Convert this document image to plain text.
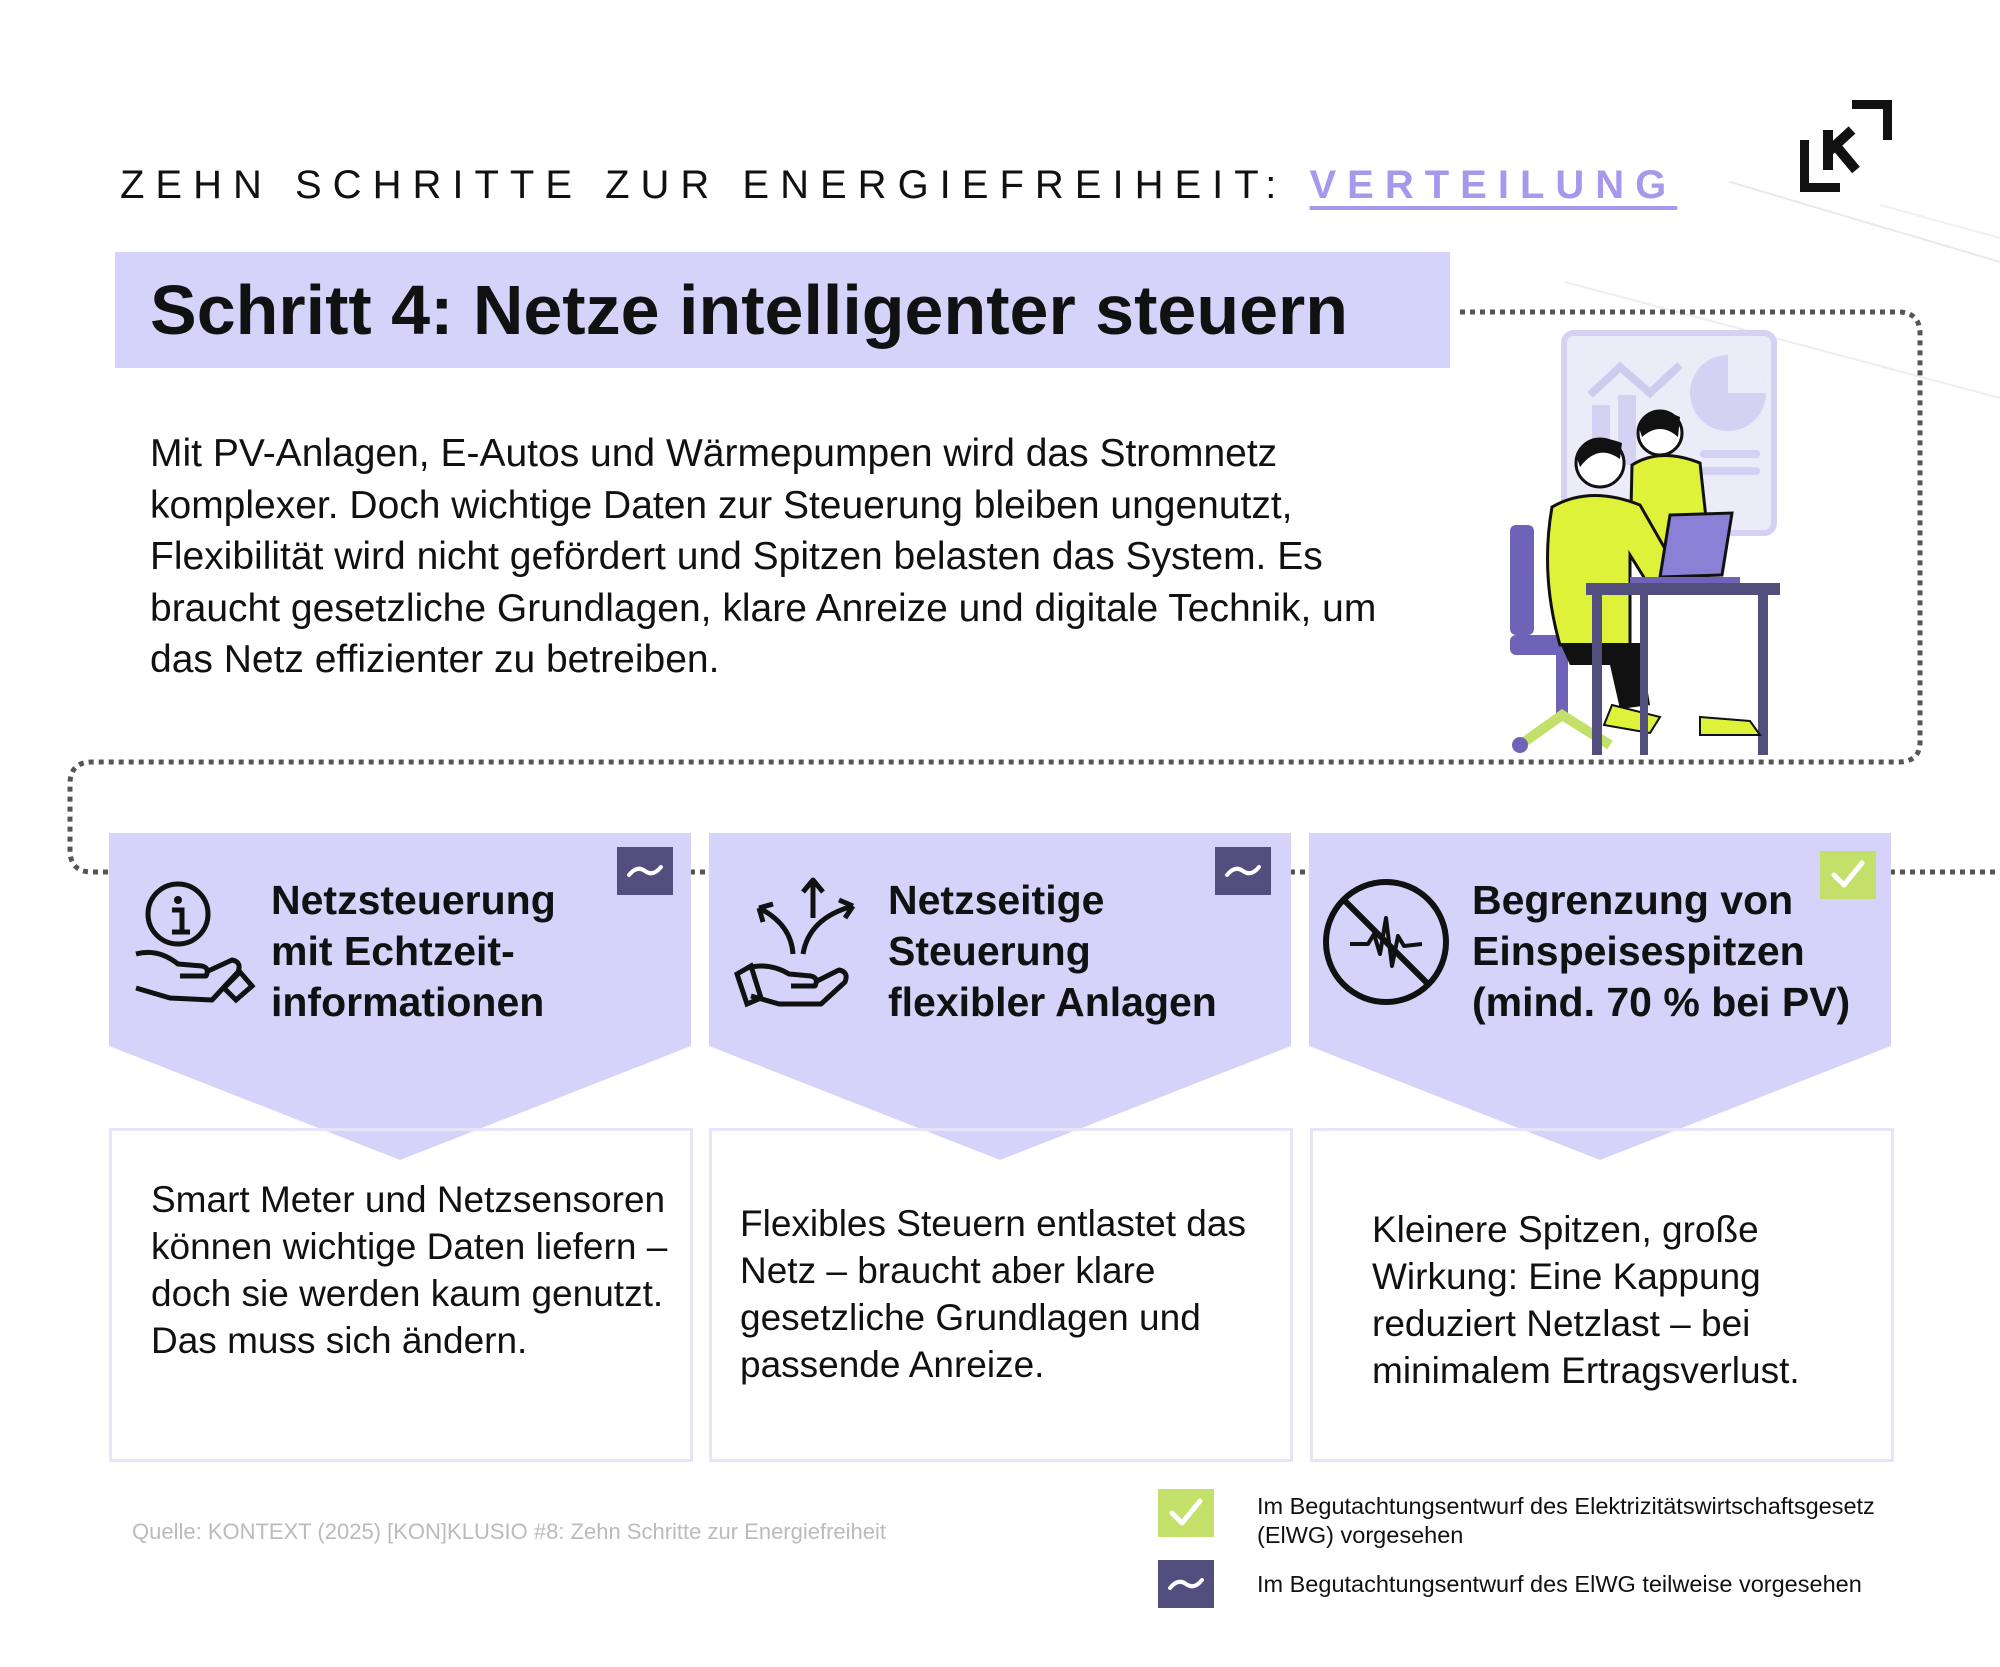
ZEHN SCHRITTE ZUR ENERGIEFREIHEIT: VERTEILUNG
Schritt 4: Netze intelligenter steuern
Mit PV-Anlagen, E-Autos und Wärmepumpen wird das Stromnetz komplexer. Doch wichtige Daten zur Steuerung bleiben ungenutzt, Flexibilität wird nicht gefördert und Spitzen belasten das System. Es braucht gesetzliche Grundlagen, klare Anreize und digitale Technik, um das Netz effizienter zu betreiben.
Netzsteuerung
mit Echtzeit-
informationen
Smart Meter und Netzsensoren können wichtige Daten liefern – doch sie werden kaum genutzt. Das muss sich ändern.
Netzseitige
Steuerung
flexibler Anlagen
Flexibles Steuern entlastet das Netz – braucht aber klare gesetzliche Grundlagen und passende Anreize.
Begrenzung von
Einspeisespitzen
(mind. 70 % bei PV)
Kleinere Spitzen, große Wirkung: Eine Kappung reduziert Netzlast – bei minimalem Ertragsverlust.
Quelle: KONTEXT (2025) [KON]KLUSIO #8: Zehn Schritte zur Energiefreiheit
Im Begutachtungsentwurf des Elektrizitätswirtschaftsgesetz (ElWG) vorgesehen
Im Begutachtungsentwurf des ElWG teilweise vorgesehen
